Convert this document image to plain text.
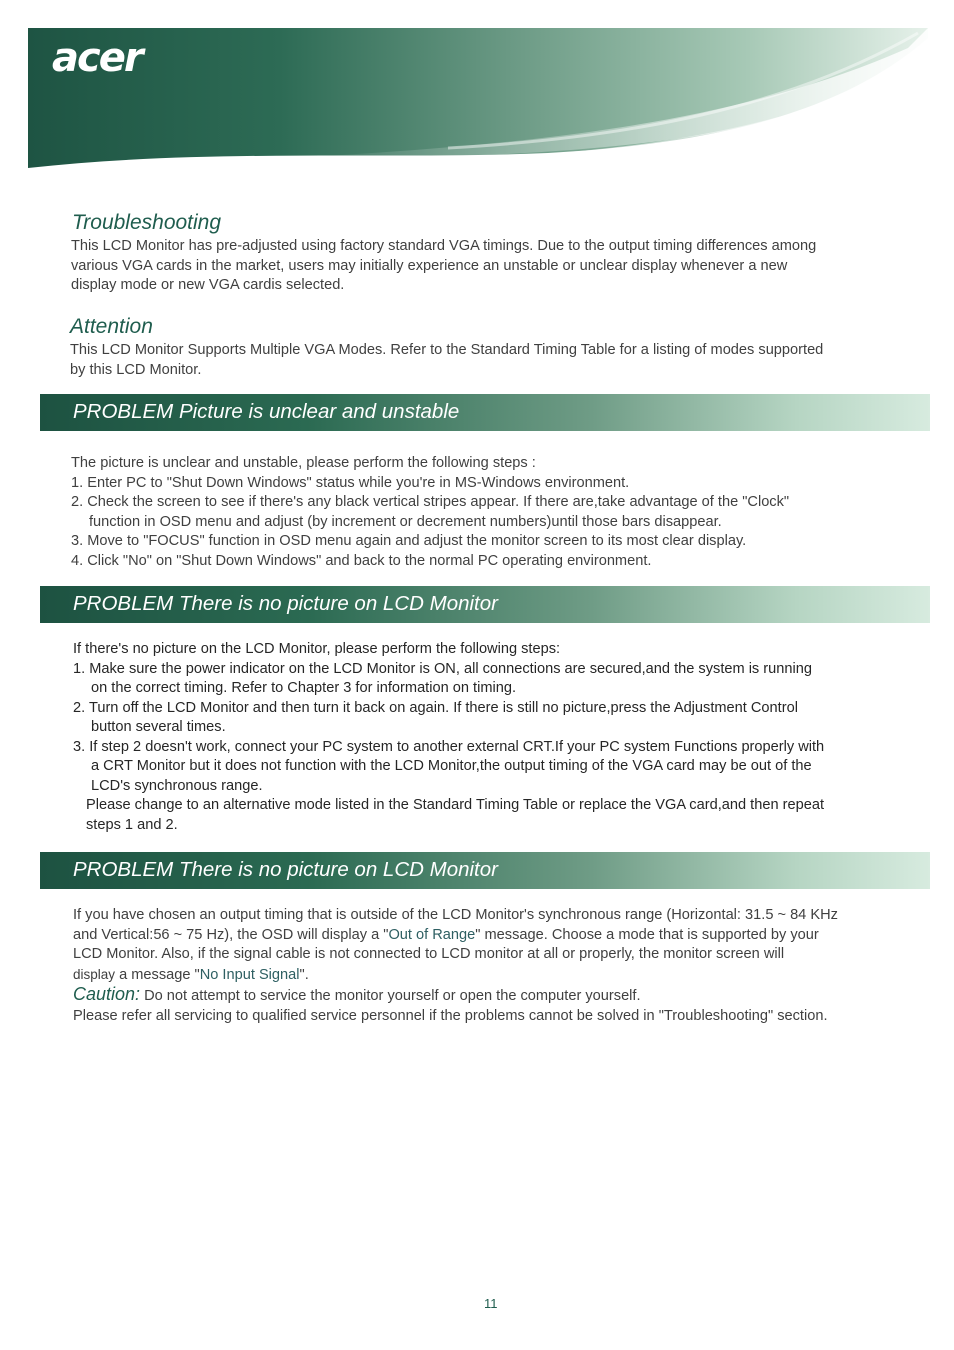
acer
Troubleshooting

This LCD Monitor has pre-adjusted using factory standard VGA timings. Due to the output timing differences among

various VGA cards in the market, users may initially experience an unstable or unclear display whenever a new

display mode or new VGA cardis selected.

Attention

This LCD Monitor Supports Multiple VGA Modes. Refer to the Standard Timing Table for a listing of modes supported

by this LCD Monitor.

PROBLEM Picture is unclear and unstable

The picture is unclear and unstable, please perform the following steps :

1. Enter PC to "Shut Down Windows" status while you're in MS-Windows environment.

2. Check the screen to see if there's any black vertical stripes appear. If there are,take advantage of the "Clock"

function in OSD menu and adjust (by increment or decrement numbers)until those bars disappear.

3. Move to "FOCUS" function in OSD menu again and adjust the monitor screen to its most clear display.

4. Click "No" on "Shut Down Windows" and back to the normal PC operating environment.

PROBLEM There is no picture on LCD Monitor

If there's no picture on the LCD Monitor, please perform the following steps:

1. Make sure the power indicator on the LCD Monitor is ON, all connections are secured,and the system is running

on the correct timing. Refer to Chapter 3 for information on timing.

2. Turn off the LCD Monitor and then turn it back on again. If there is still no picture,press the Adjustment Control

button several times.

3. If step 2 doesn't work, connect your PC system to another external CRT.If your PC system Functions properly with

a CRT Monitor but it does not function with the LCD Monitor,the output timing of the VGA card may be out of the

LCD's synchronous range.

Please change to an alternative mode listed in the Standard Timing Table or replace the VGA card,and then repeat

steps 1 and 2.

PROBLEM There is no picture on LCD Monitor

If you have chosen an output timing that is outside of the LCD Monitor's synchronous range (Horizontal: 31.5 ~ 84 KHz

and Vertical:56 ~ 75 Hz), the OSD will display a "Out of Range" message. Choose a mode that is supported by your

LCD Monitor. Also, if the signal cable is not connected to LCD monitor at all or properly, the monitor screen will

display a message "No Input Signal".

Caution: Do not attempt to service the monitor yourself or open the computer yourself.

Please refer all servicing to qualified service personnel if the problems cannot be solved in "Troubleshooting" section.

11
